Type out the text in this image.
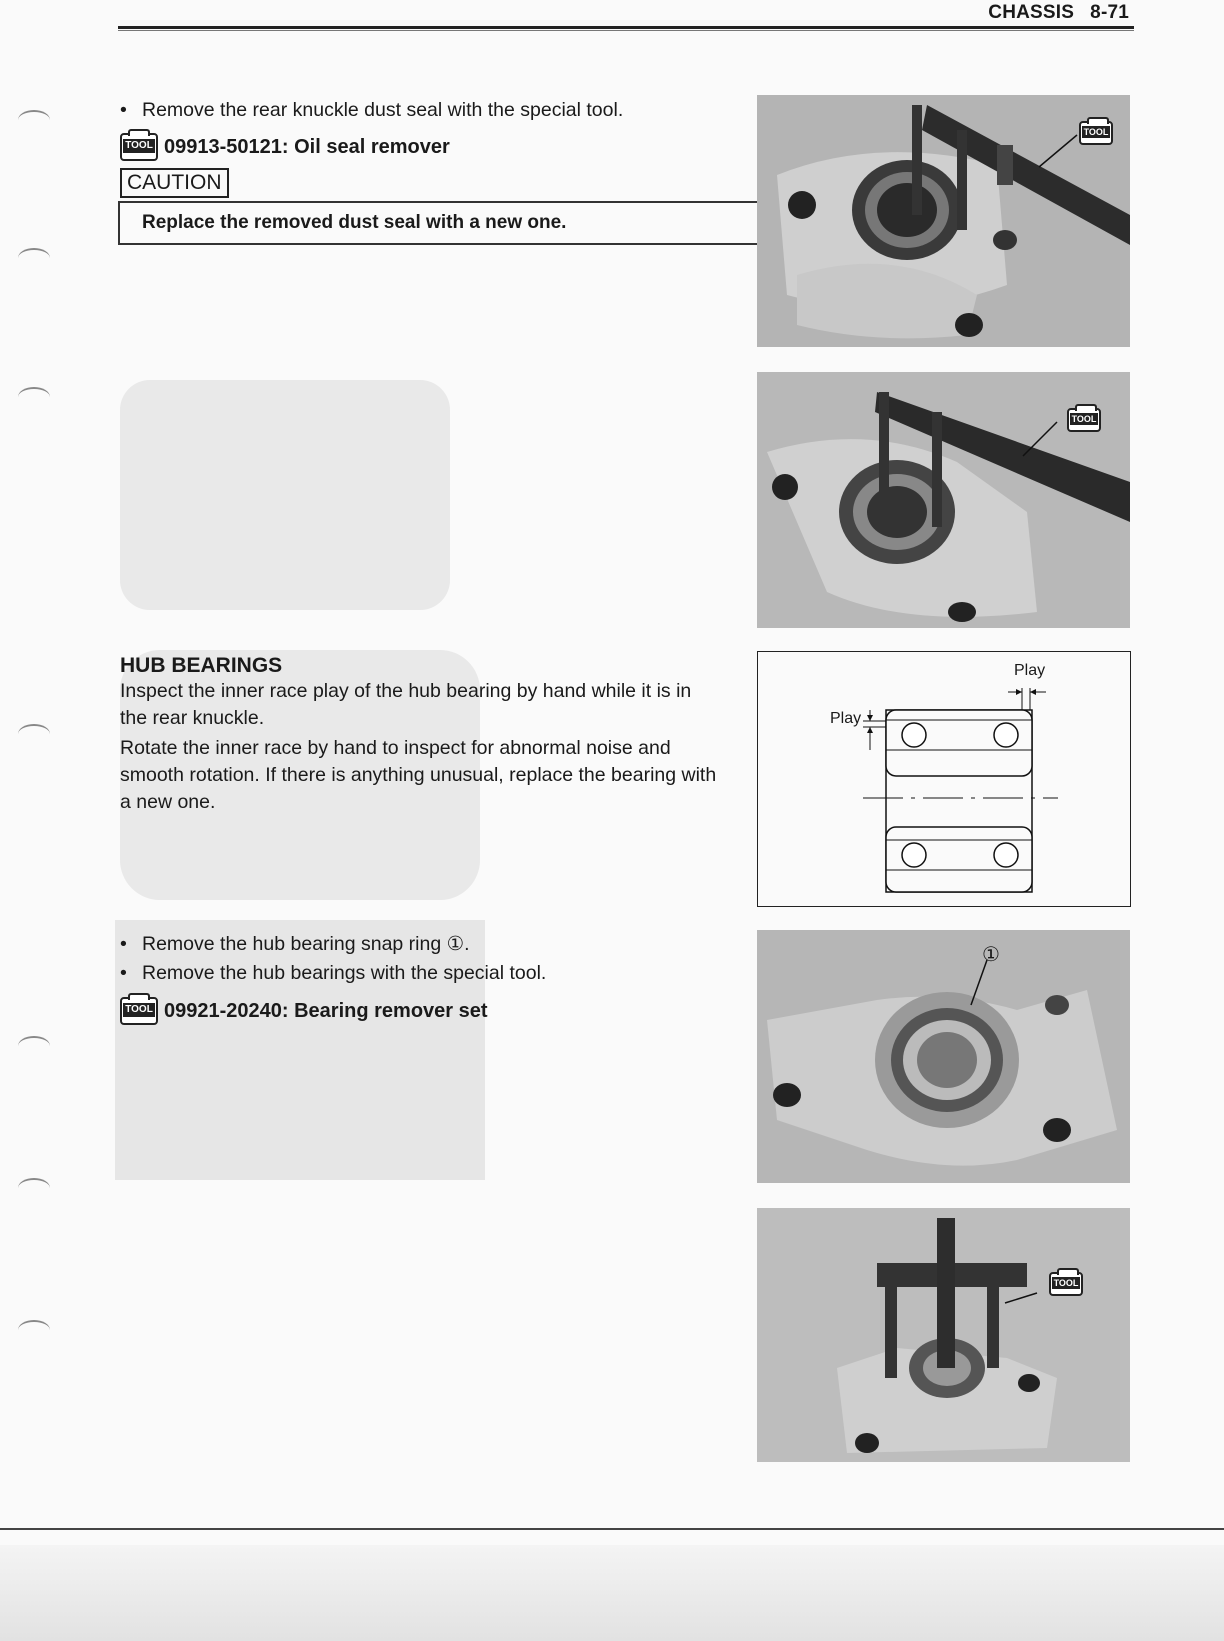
CHASSIS 8-71
• Remove the rear knuckle dust seal with the special tool.
TOOL 09913-50121: Oil seal remover
CAUTION
Replace the removed dust seal with a new one.
TOOL
TOOL
HUB BEARINGS
Inspect the inner race play of the hub bearing by hand while it is in the rear knuckle.
Rotate the inner race by hand to inspect for abnormal noise and smooth rotation. If there is anything unusual, replace the bearing with a new one.
Play
Play
• Remove the hub bearing snap ring ①.
• Remove the hub bearings with the special tool.
TOOL 09921-20240: Bearing remover set
①
TOOL
